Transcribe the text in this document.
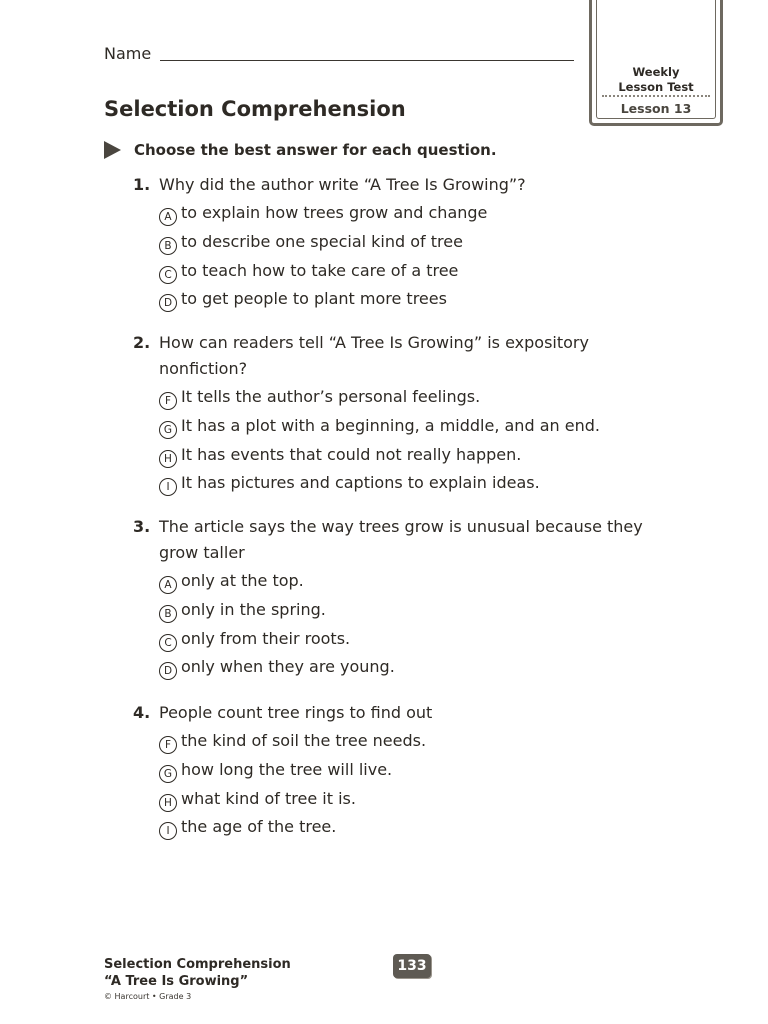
Name
Weekly
Lesson Test
Lesson 13
Selection Comprehension
Choose the best answer for each question.
1. Why did the author write “A Tree Is Growing”?
A to explain how trees grow and change
B to describe one special kind of tree
C to teach how to take care of a tree
D to get people to plant more trees
2. How can readers tell “A Tree Is Growing” is expository nonfiction?
F It tells the author’s personal feelings.
G It has a plot with a beginning, a middle, and an end.
H It has events that could not really happen.
I It has pictures and captions to explain ideas.
3. The article says the way trees grow is unusual because they grow taller
A only at the top.
B only in the spring.
C only from their roots.
D only when they are young.
4. People count tree rings to find out
F the kind of soil the tree needs.
G how long the tree will live.
H what kind of tree it is.
I the age of the tree.
Selection Comprehension
“A Tree Is Growing”
© Harcourt • Grade 3
133
